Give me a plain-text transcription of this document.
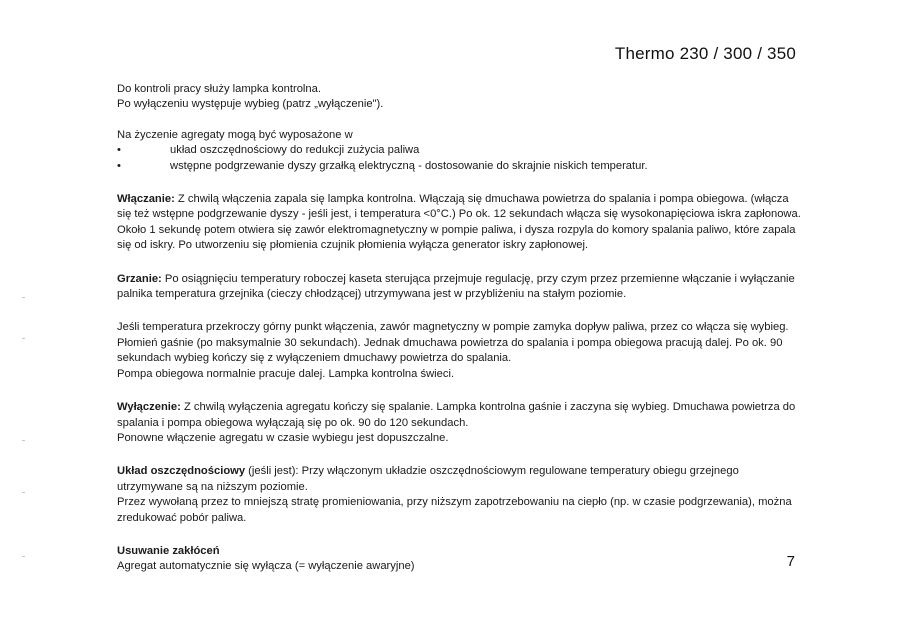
Thermo 230 / 300 / 350

Do kontroli pracy służy lampka kontrolna.

Po wyłączeniu występuje wybieg (patrz „wyłączenie").

Na życzenie agregaty mogą być wyposażone w

•	układ oszczędnościowy do redukcji zużycia paliwa
•	wstępne podgrzewanie dyszy grzałką elektryczną - dostosowanie do skrajnie niskich temperatur.

Włączanie: Z chwilą włączenia zapala się lampka kontrolna. Włączają się dmuchawa powietrza do spalania i pompa obiegowa. (włącza się też wstępne podgrzewanie dyszy - jeśli jest, i temperatura <0°C.) Po ok. 12 sekundach włącza się wysokonapięciowa iskra zapłonowa. Około 1 sekundę potem otwiera się zawór elektromagnetyczny w pompie paliwa, i dysza rozpyla do komory spalania paliwo, które zapala się od iskry. Po utworzeniu się płomienia czujnik płomienia wyłącza generator iskry zapłonowej.

Grzanie: Po osiągnięciu temperatury roboczej kaseta sterująca przejmuje regulację, przy czym przez przemienne włączanie i wyłączanie palnika temperatura grzejnika (cieczy chłodzącej) utrzymywana jest w przybliżeniu na stałym poziomie.

Jeśli temperatura przekroczy górny punkt włączenia, zawór magnetyczny w pompie zamyka dopływ paliwa, przez co włącza się wybieg. Płomień gaśnie (po maksymalnie 30 sekundach). Jednak dmuchawa powietrza do spalania i pompa obiegowa pracują dalej. Po ok. 90 sekundach wybieg kończy się z wyłączeniem dmuchawy powietrza do spalania.

Pompa obiegowa normalnie pracuje dalej. Lampka kontrolna świeci.

Wyłączenie: Z chwilą wyłączenia agregatu kończy się spalanie. Lampka kontrolna gaśnie i zaczyna się wybieg. Dmuchawa powietrza do spalania i pompa obiegowa wyłączają się po ok. 90 do 120 sekundach.

Ponowne włączenie agregatu w czasie wybiegu jest dopuszczalne.

Układ oszczędnościowy (jeśli jest): Przy włączonym układzie oszczędnościowym regulowane temperatury obiegu grzejnego utrzymywane są na niższym poziomie.

Przez wywołaną przez to mniejszą stratę promieniowania, przy niższym zapotrzebowaniu na ciepło (np. w czasie podgrzewania), można zredukować pobór paliwa.

Usuwanie zakłóceń

Agregat automatycznie się wyłącza (= wyłączenie awaryjne)	7
